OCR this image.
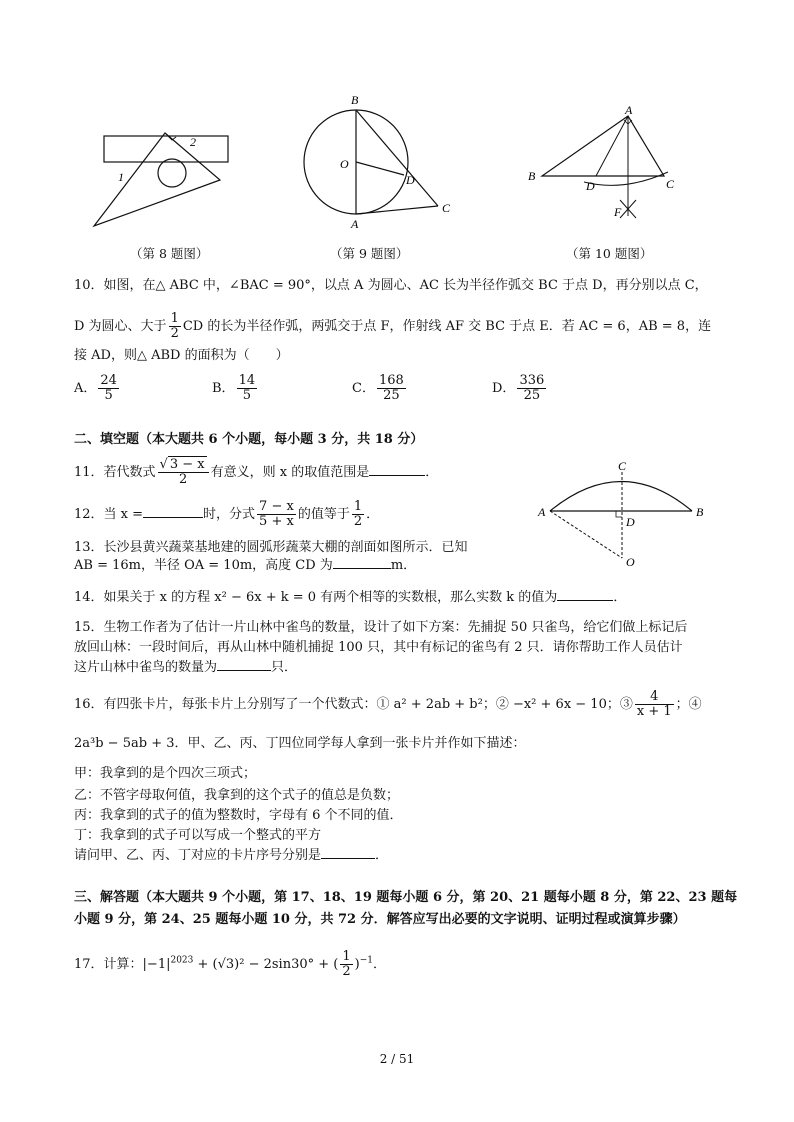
2
1
（第 8 题图）
B
O
D
A
C
（第 9 题图）
A
B
D	C
F
（第 10 题图）
10．如图，在△ ABC 中，∠BAC = 90°，以点 A 为圆心、AC 长为半径作弧交 BC 于点 D，再分别以点 C，
D 为圆心、大于 $\frac{1}{2}$ CD 的长为半径作弧，两弧交于点 F，作射线 AF 交 BC 于点 E．若 AC = 6，AB = 8，连
接 AD，则△ ABD 的面积为（　　）
A． $\frac{24}{5}$	B． $\frac{14}{5}$	C． $\frac{168}{25}$	D． $\frac{336}{25}$
二、填空题（本大题共 6 个小题，每小题 3 分，共 18 分）
11．若代数式 $\frac{√ 3 - x}{2}$ 有意义，则 x 的取值范围是	．
12．当 x =	时，分式 $\frac{7 - x}{5 + x}$ 的值等于 $\frac{1}{2}$ ．
13．长沙县黄兴蔬菜基地建的圆弧形蔬菜大棚的剖面如图所示．已知
AB = 16m，半径 OA = 10m，高度 CD 为	m．
C
A
D
B
O
14．如果关于 x 的方程 x² − 6x + k = 0 有两个相等的实数根，那么实数 k 的值为	．
15．生物工作者为了估计一片山林中雀鸟的数量，设计了如下方案：先捕捉 50 只雀鸟，给它们做上标记后
放回山林：一段时间后，再从山林中随机捕捉 100 只，其中有标记的雀鸟有 2 只．请你帮助工作人员估计
这片山林中雀鸟的数量为	只．
16．有四张卡片，每张卡片上分别写了一个代数式：① a² + 2ab + b²；② −x² + 6x − 10；③ $\frac{4}{x + 1}$ ；④
2a³b − 5ab + 3．甲、乙、丙、丁四位同学每人拿到一张卡片并作如下描述：
甲：我拿到的是个四次三项式；
乙：不管字母取何值，我拿到的这个式子的值总是负数；
丙：我拿到的式子的值为整数时，字母有 6 个不同的值．
丁：我拿到的式子可以写成一个整式的平方
请问甲、乙、丙、丁对应的卡片序号分别是	．
三、解答题（本大题共 9 个小题，第 17、18、19 题每小题 6 分，第 20、21 题每小题 8 分，第 22、23 题每
小题 9 分，第 24、25 题每小题 10 分，共 72 分．解答应写出必要的文字说明、证明过程或演算步骤）
17．计算：$|-1|^{2023} + (√3)^2 - 2\sin 30^\circ$ + ( $\frac{1}{2} )^{-1}$．
2 / 51
